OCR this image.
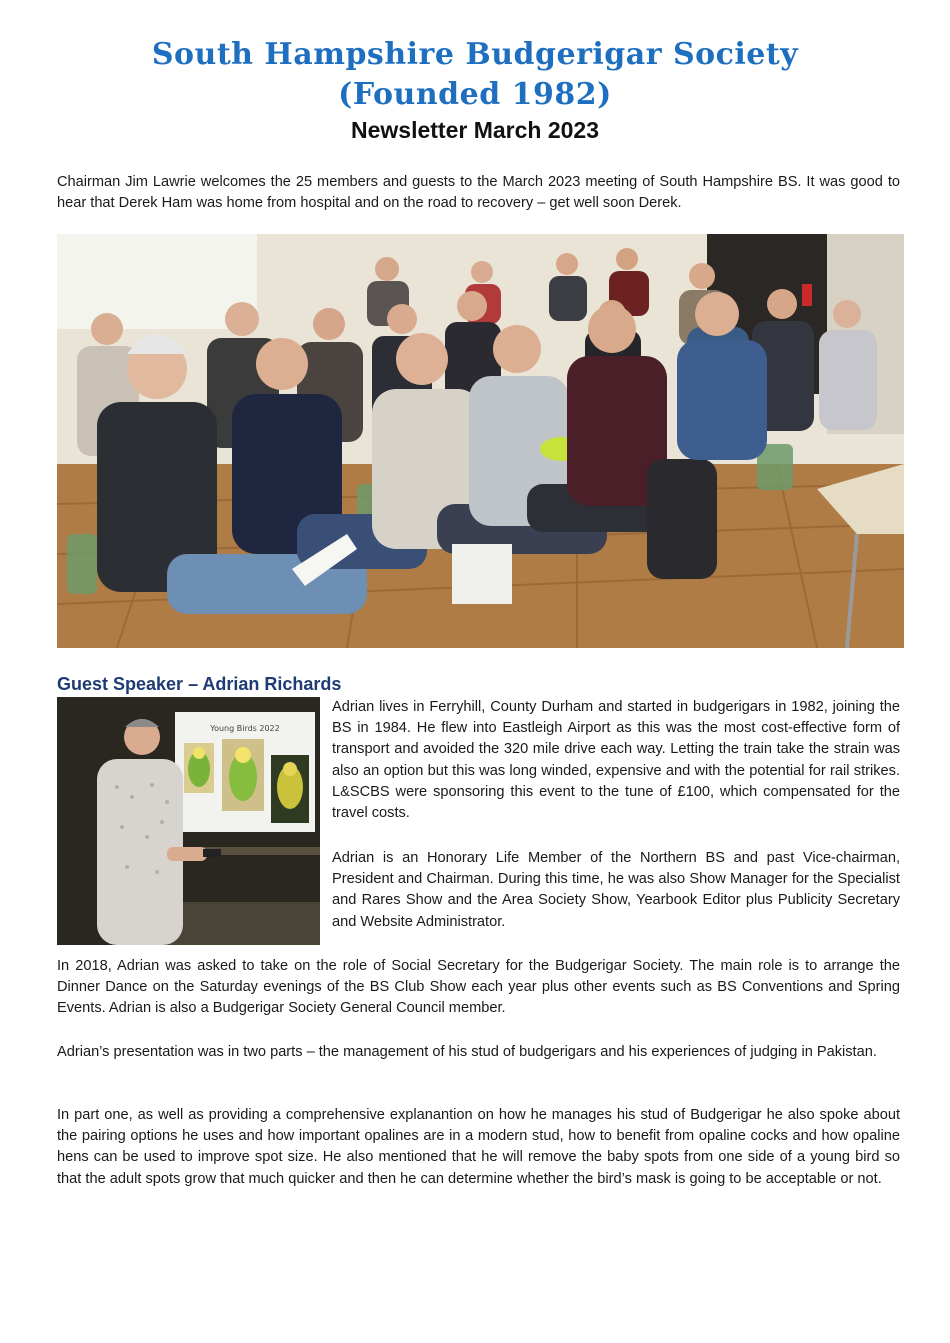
South Hampshire Budgerigar Society
(Founded 1982)
Newsletter March 2023

Chairman Jim Lawrie welcomes the 25 members and guests to the March 2023 meeting of South Hampshire BS. It was good to hear that Derek Ham was home from hospital and on the road to recovery – get well soon Derek.

Guest Speaker – Adrian Richards
Young Birds 2022

Adrian lives in Ferryhill, County Durham and started in budgerigars in 1982, joining the BS in 1984. He flew into Eastleigh Airport as this was the most cost-effective form of transport and avoided the 320 mile drive each way. Letting the train take the strain was also an option but this was long winded, expensive and with the potential for rail strikes. L&SCBS were sponsoring this event to the tune of £100, which compensated for the travel costs.

Adrian is an Honorary Life Member of the Northern BS and past Vice-chairman, President and Chairman. During this time, he was also Show Manager for the Specialist and Rares Show and the Area Society Show, Yearbook Editor plus Publicity Secretary and Website Administrator.

In 2018, Adrian was asked to take on the role of Social Secretary for the Budgerigar Society. The main role is to arrange the Dinner Dance on the Saturday evenings of the BS Club Show each year plus other events such as BS Conventions and Spring Events. Adrian is also a Budgerigar Society General Council member.

Adrian’s presentation was in two parts – the management of his stud of budgerigars and his experiences of judging in Pakistan.

In part one, as well as providing a comprehensive explanantion on how he manages his stud of Budgerigar he also spoke about the pairing options he uses and how important opalines are in a modern stud, how to benefit from opaline cocks and how opaline hens can be used to improve spot size. He also mentioned that he will remove the baby spots from one side of a young bird so that the adult spots grow that much quicker and then he can determine whether the bird’s mask is going to be acceptable or not.
